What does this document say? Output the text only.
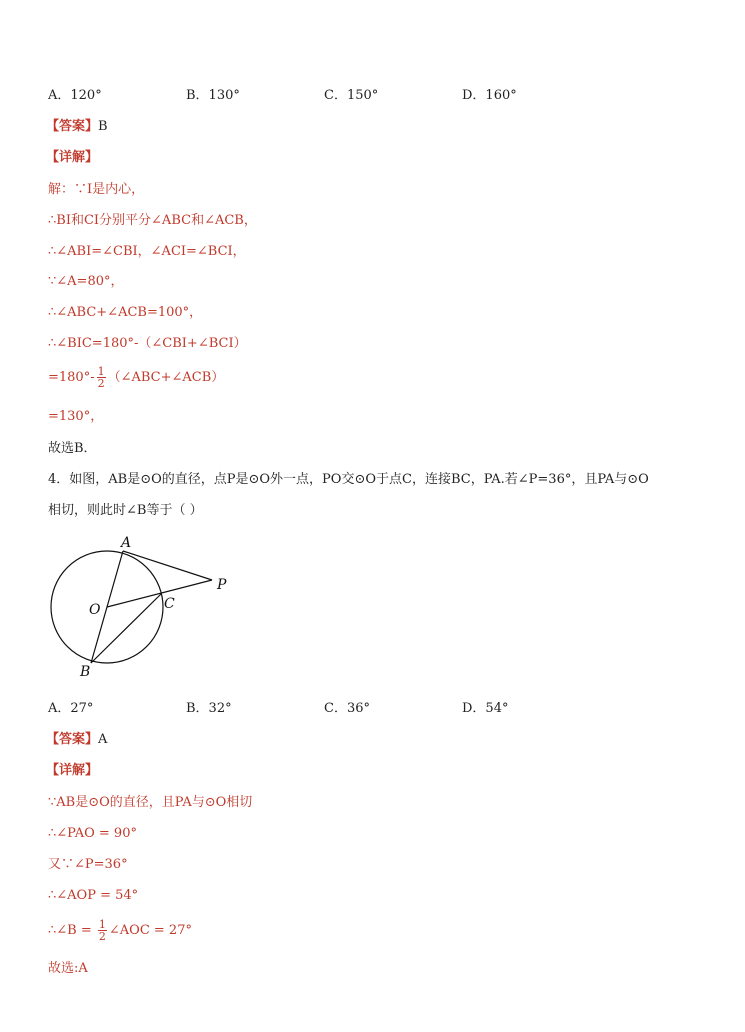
A．120°	B．130°	C．150°	D．160°
【答案】B
【详解】
解：∵I是内心，
∴BI和CI分别平分∠ABC和∠ACB，
∴∠ABI=∠CBI，∠ACI=∠BCI，
∵∠A=80°，
∴∠ABC+∠ACB=100°，
∴∠BIC=180°-（∠CBI+∠BCI）
$=180^\circ- \frac{1}{2}$ （∠ABC+∠ACB）
=130°，
故选B．
4．如图，AB是⊙O的直径，点P是⊙O外一点，PO交⊙O于点C，连接BC，PA.若∠P=36°，且PA与⊙O
相切，则此时∠B等于（ ）
A
O	C
P
B
A．27°	B．32°	C．36°	D．54°
【答案】A
【详解】
∵AB是⊙O的直径，且PA与⊙O相切
∴∠PAO = 90°
又∵∠P=36°
∴∠AOP = 54°
∴∠B = $\frac{1}{2}$ ∠AOC = 27°
故选:A
